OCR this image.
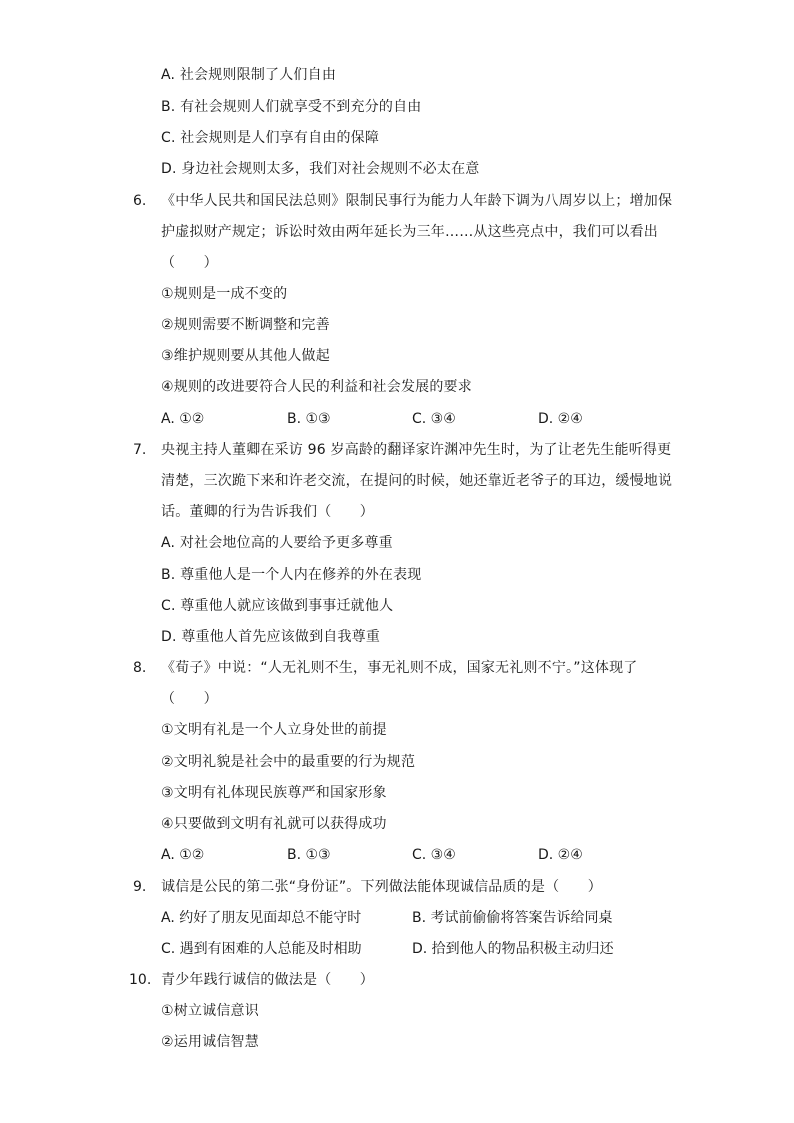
A. 社会规则限制了人们自由
B. 有社会规则人们就享受不到充分的自由
C. 社会规则是人们享有自由的保障
D. 身边社会规则太多，我们对社会规则不必太在意
6. 《中华人民共和国民法总则》限制民事行为能力人年龄下调为八周岁以上；增加保
护虚拟财产规定；诉讼时效由两年延长为三年……从这些亮点中，我们可以看出
（　　）
①规则是一成不变的
②规则需要不断调整和完善
③维护规则要从其他人做起
④规则的改进要符合人民的利益和社会发展的要求
A. ①②	B. ①③	C. ③④	D. ②④
7. 央视主持人董卿在采访 96 岁高龄的翻译家许渊冲先生时，为了让老先生能听得更
清楚，三次跪下来和许老交流，在提问的时候，她还靠近老爷子的耳边，缓慢地说
话。董卿的行为告诉我们（　　）
A. 对社会地位高的人要给予更多尊重
B. 尊重他人是一个人内在修养的外在表现
C. 尊重他人就应该做到事事迁就他人
D. 尊重他人首先应该做到自我尊重
8. 《荀子》中说：“人无礼则不生，事无礼则不成，国家无礼则不宁。”这体现了
（　　）
①文明有礼是一个人立身处世的前提
②文明礼貌是社会中的最重要的行为规范
③文明有礼体现民族尊严和国家形象
④只要做到文明有礼就可以获得成功
A. ①②	B. ①③	C. ③④	D. ②④
9. 诚信是公民的第二张“身份证”。下列做法能体现诚信品质的是（　　）
A. 约好了朋友见面却总不能守时	B. 考试前偷偷将答案告诉给同桌
C. 遇到有困难的人总能及时相助	D. 拾到他人的物品积极主动归还
10. 青少年践行诚信的做法是（　　）
①树立诚信意识
②运用诚信智慧
